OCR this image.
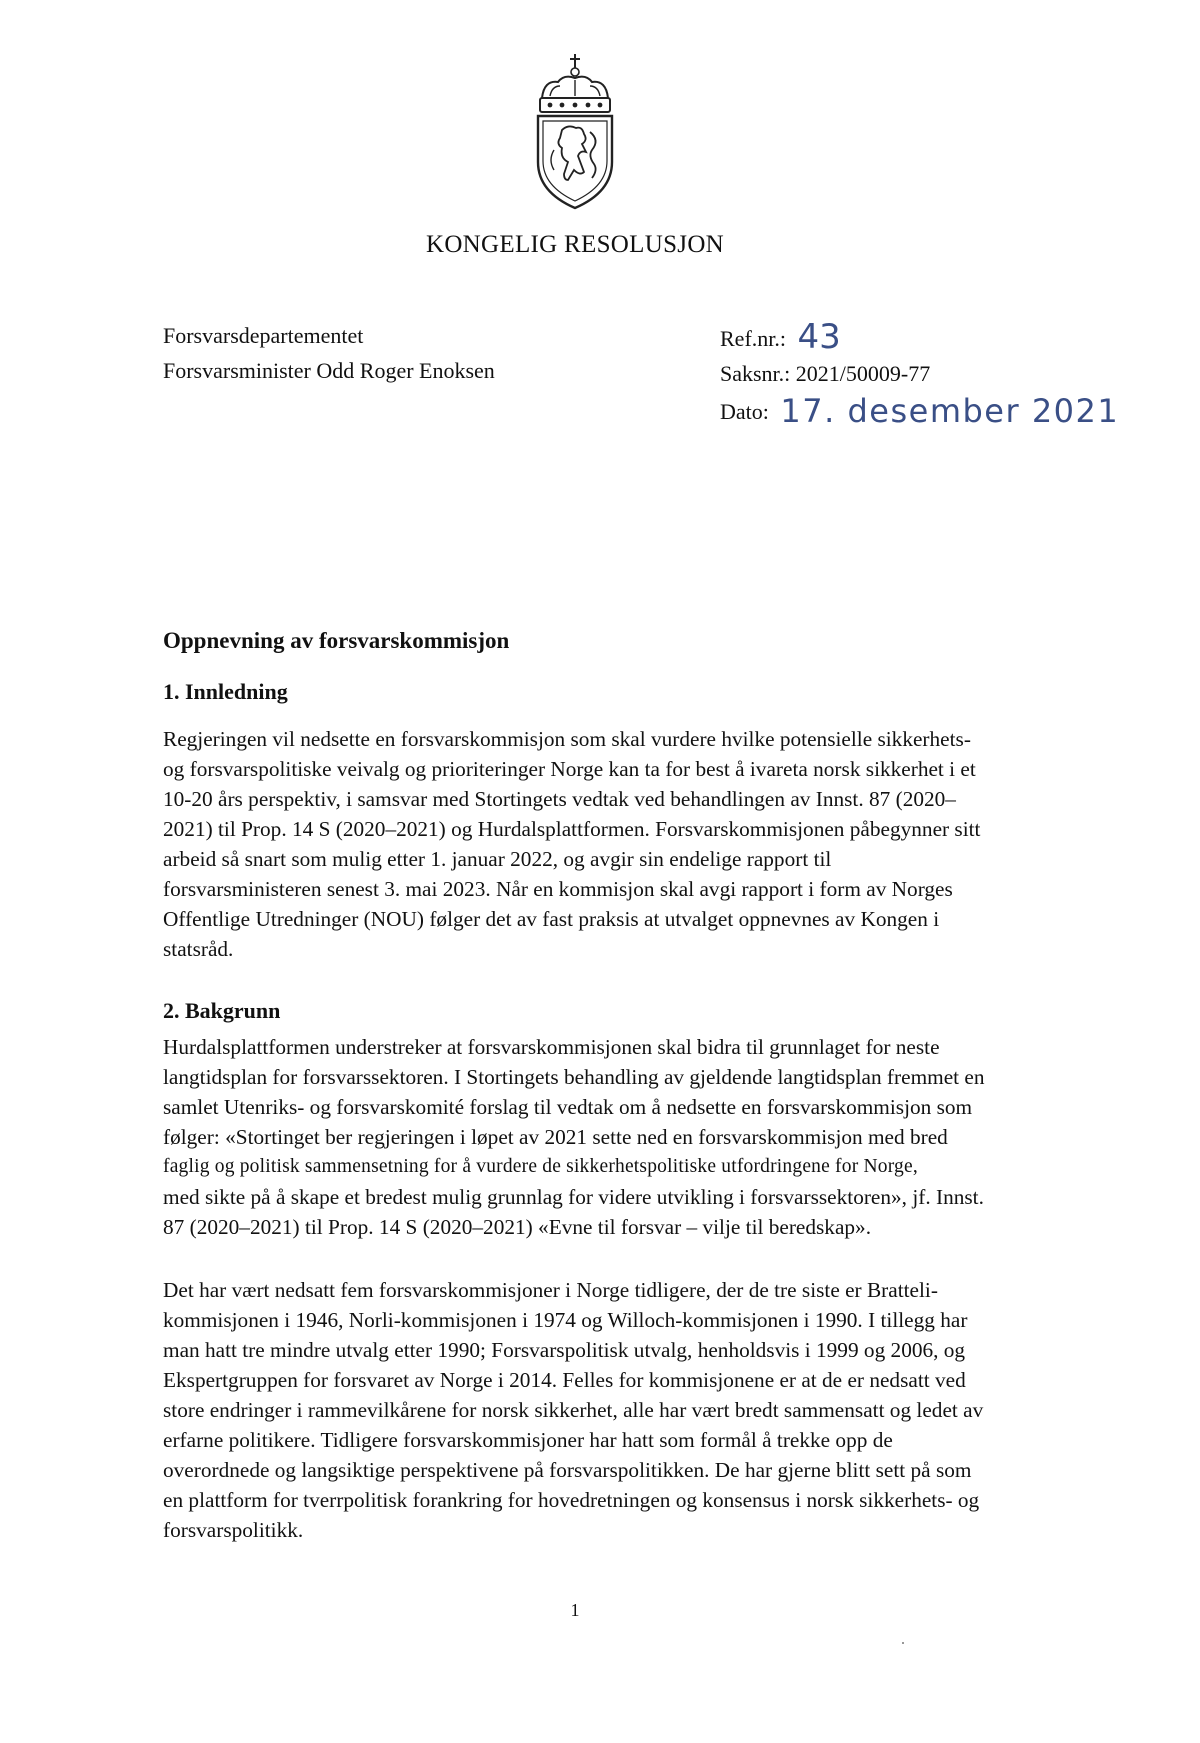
KONGELIG RESOLUSJON
Forsvarsdepartementet
Forsvarsminister Odd Roger Enoksen
Ref.nr.: 43
Saksnr.: 2021/50009-77
Dato: 17. desember 2021
Oppnevning av forsvarskommisjon
1. Innledning

Regjeringen vil nedsette en forsvarskommisjon som skal vurdere hvilke potensielle sikkerhets-
og forsvarspolitiske veivalg og prioriteringer Norge kan ta for best å ivareta norsk sikkerhet i et
10-20 års perspektiv, i samsvar med Stortingets vedtak ved behandlingen av Innst. 87 (2020–
2021) til Prop. 14 S (2020–2021) og Hurdalsplattformen. Forsvarskommisjonen påbegynner sitt
arbeid så snart som mulig etter 1. januar 2022, og avgir sin endelige rapport til
forsvarsministeren senest 3. mai 2023. Når en kommisjon skal avgi rapport i form av Norges
Offentlige Utredninger (NOU) følger det av fast praksis at utvalget oppnevnes av Kongen i
statsråd.

2. Bakgrunn

Hurdalsplattformen understreker at forsvarskommisjonen skal bidra til grunnlaget for neste
langtidsplan for forsvarssektoren. I Stortingets behandling av gjeldende langtidsplan fremmet en
samlet Utenriks- og forsvarskomité forslag til vedtak om å nedsette en forsvarskommisjon som
følger: «Stortinget ber regjeringen i løpet av 2021 sette ned en forsvarskommisjon med bred
faglig og politisk sammensetning for å vurdere de sikkerhetspolitiske utfordringene for Norge,
med sikte på å skape et bredest mulig grunnlag for videre utvikling i forsvarssektoren», jf. Innst.
87 (2020–2021) til Prop. 14 S (2020–2021) «Evne til forsvar – vilje til beredskap».

Det har vært nedsatt fem forsvarskommisjoner i Norge tidligere, der de tre siste er Bratteli-
kommisjonen i 1946, Norli-kommisjonen i 1974 og Willoch-kommisjonen i 1990. I tillegg har
man hatt tre mindre utvalg etter 1990; Forsvarspolitisk utvalg, henholdsvis i 1999 og 2006, og
Ekspertgruppen for forsvaret av Norge i 2014. Felles for kommisjonene er at de er nedsatt ved
store endringer i rammevilkårene for norsk sikkerhet, alle har vært bredt sammensatt og ledet av
erfarne politikere. Tidligere forsvarskommisjoner har hatt som formål å trekke opp de
overordnede og langsiktige perspektivene på forsvarspolitikken. De har gjerne blitt sett på som
en plattform for tverrpolitisk forankring for hovedretningen og konsensus i norsk sikkerhets- og
forsvarspolitikk.

1
